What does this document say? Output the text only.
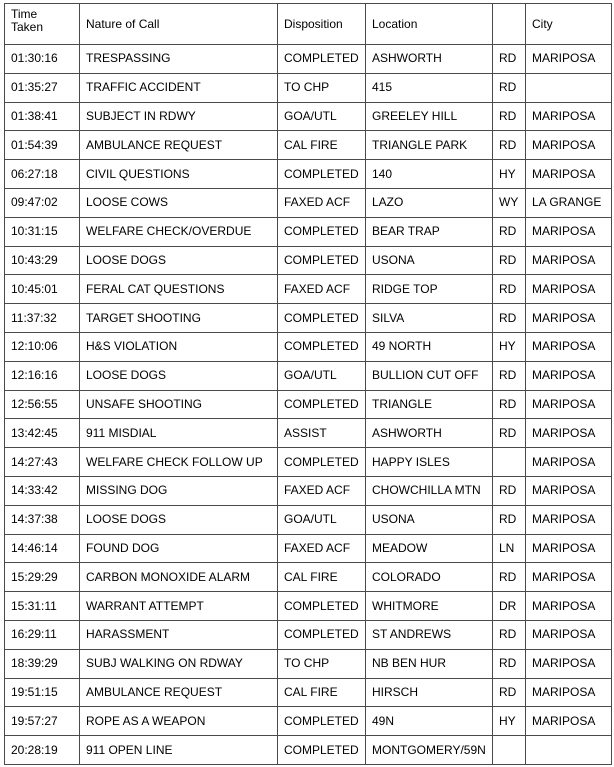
Time
Taken	Nature of Call	Disposition	Location		City
01:30:16	TRESPASSING	COMPLETED	ASHWORTH	RD	MARIPOSA
01:35:27	TRAFFIC ACCIDENT	TO CHP	415	RD	
01:38:41	SUBJECT IN RDWY	GOA/UTL	GREELEY HILL	RD	MARIPOSA
01:54:39	AMBULANCE REQUEST	CAL FIRE	TRIANGLE PARK	RD	MARIPOSA
06:27:18	CIVIL QUESTIONS	COMPLETED	140	HY	MARIPOSA
09:47:02	LOOSE COWS	FAXED ACF	LAZO	WY	LA GRANGE
10:31:15	WELFARE CHECK/OVERDUE	COMPLETED	BEAR TRAP	RD	MARIPOSA
10:43:29	LOOSE DOGS	COMPLETED	USONA	RD	MARIPOSA
10:45:01	FERAL CAT QUESTIONS	FAXED ACF	RIDGE TOP	RD	MARIPOSA
11:37:32	TARGET SHOOTING	COMPLETED	SILVA	RD	MARIPOSA
12:10:06	H&S VIOLATION	COMPLETED	49 NORTH	HY	MARIPOSA
12:16:16	LOOSE DOGS	GOA/UTL	BULLION CUT OFF	RD	MARIPOSA
12:56:55	UNSAFE SHOOTING	COMPLETED	TRIANGLE	RD	MARIPOSA
13:42:45	911 MISDIAL	ASSIST	ASHWORTH	RD	MARIPOSA
14:27:43	WELFARE CHECK FOLLOW UP	COMPLETED	HAPPY ISLES		MARIPOSA
14:33:42	MISSING DOG	FAXED ACF	CHOWCHILLA MTN	RD	MARIPOSA
14:37:38	LOOSE DOGS	GOA/UTL	USONA	RD	MARIPOSA
14:46:14	FOUND DOG	FAXED ACF	MEADOW	LN	MARIPOSA
15:29:29	CARBON MONOXIDE ALARM	CAL FIRE	COLORADO	RD	MARIPOSA
15:31:11	WARRANT ATTEMPT	COMPLETED	WHITMORE	DR	MARIPOSA
16:29:11	HARASSMENT	COMPLETED	ST ANDREWS	RD	MARIPOSA
18:39:29	SUBJ WALKING ON RDWAY	TO CHP	NB BEN HUR	RD	MARIPOSA
19:51:15	AMBULANCE REQUEST	CAL FIRE	HIRSCH	RD	MARIPOSA
19:57:27	ROPE AS A WEAPON	COMPLETED	49N	HY	MARIPOSA
20:28:19	911 OPEN LINE	COMPLETED	MONTGOMERY/59N		
